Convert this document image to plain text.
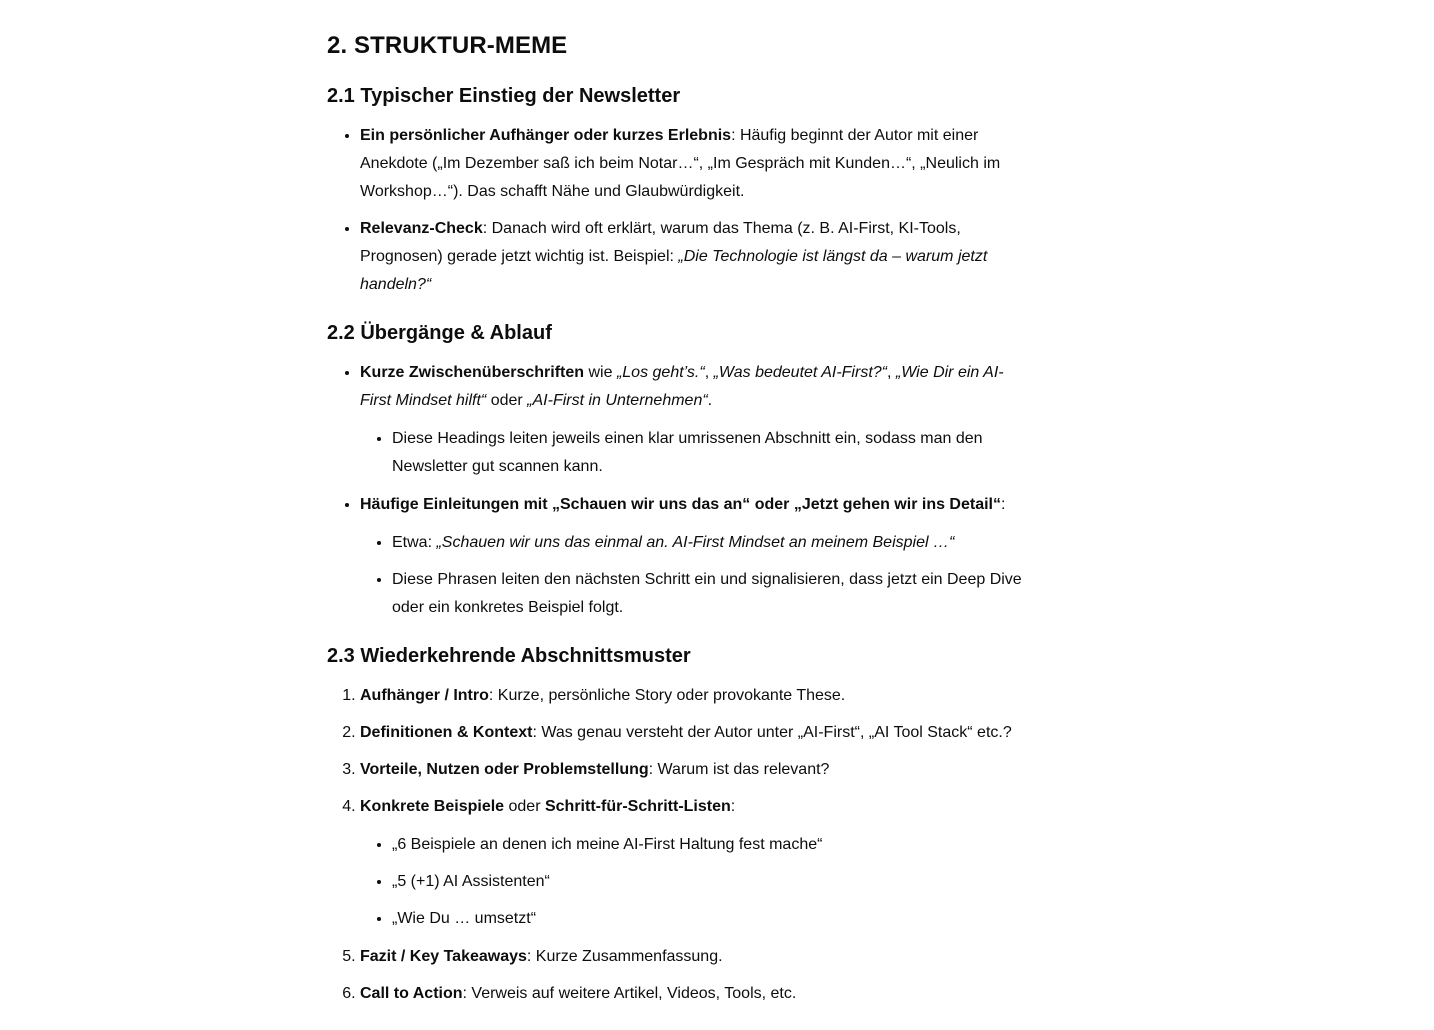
2. STRUKTUR-MEME
2.1 Typischer Einstieg der Newsletter
• Ein persönlicher Aufhänger oder kurzes Erlebnis: Häufig beginnt der Autor mit einer Anekdote („Im Dezember saß ich beim Notar…“, „Im Gespräch mit Kunden…“, „Neulich im Workshop…“). Das schafft Nähe und Glaubwürdigkeit.
• Relevanz-Check: Danach wird oft erklärt, warum das Thema (z. B. AI-First, KI-Tools, Prognosen) gerade jetzt wichtig ist. Beispiel: „Die Technologie ist längst da – warum jetzt handeln?“
2.2 Übergänge & Ablauf
• Kurze Zwischenüberschriften wie „Los geht’s.“, „Was bedeutet AI-First?“, „Wie Dir ein AI-First Mindset hilft“ oder „AI-First in Unternehmen“.
• Diese Headings leiten jeweils einen klar umrissenen Abschnitt ein, sodass man den Newsletter gut scannen kann.
• Häufige Einleitungen mit „Schauen wir uns das an“ oder „Jetzt gehen wir ins Detail“:
• Etwa: „Schauen wir uns das einmal an. AI-First Mindset an meinem Beispiel …“
• Diese Phrasen leiten den nächsten Schritt ein und signalisieren, dass jetzt ein Deep Dive oder ein konkretes Beispiel folgt.
2.3 Wiederkehrende Abschnittsmuster
1. Aufhänger / Intro: Kurze, persönliche Story oder provokante These.
2. Definitionen & Kontext: Was genau versteht der Autor unter „AI-First“, „AI Tool Stack“ etc.?
3. Vorteile, Nutzen oder Problemstellung: Warum ist das relevant?
4. Konkrete Beispiele oder Schritt-für-Schritt-Listen:
• „6 Beispiele an denen ich meine AI-First Haltung fest mache“
• „5 (+1) AI Assistenten“
• „Wie Du … umsetzt“
5. Fazit / Key Takeaways: Kurze Zusammenfassung.
6. Call to Action: Verweis auf weitere Artikel, Videos, Tools, etc.
